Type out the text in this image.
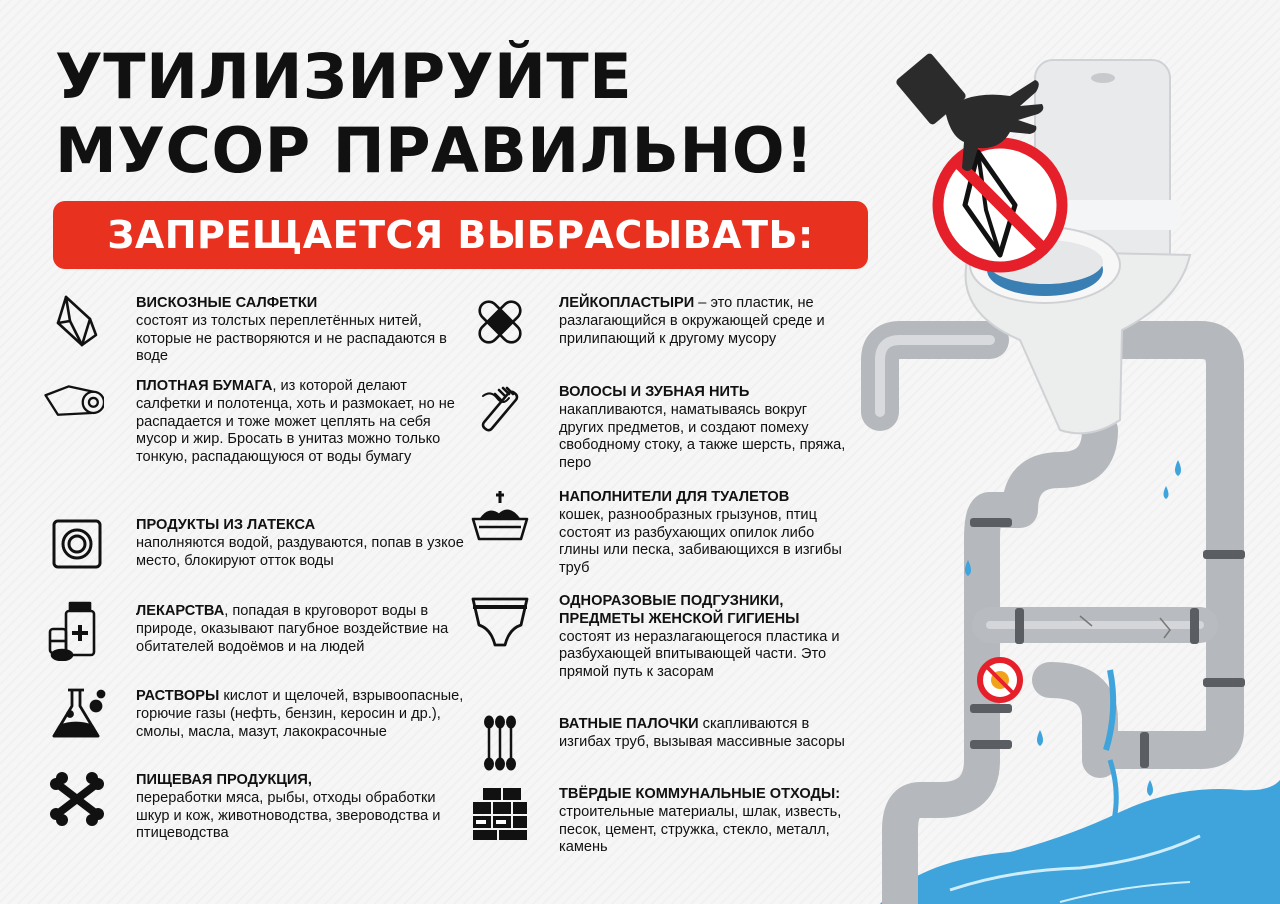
УТИЛИЗИРУЙТЕ
МУСОР ПРАВИЛЬНО!
ЗАПРЕЩАЕТСЯ ВЫБРАСЫВАТЬ:

ВИСКОЗНЫЕ САЛФЕТКИ
состоят из толстых переплетённых нитей, которые не растворяются и не распадаются в воде

ПЛОТНАЯ БУМАГА, из которой делают салфетки и полотенца, хоть и размокает, но не распадается и тоже может цеплять на себя мусор и жир. Бросать в унитаз можно только тонкую, распадающуюся от воды бумагу

ПРОДУКТЫ ИЗ ЛАТЕКСА
наполняются водой, раздуваются, попав в узкое место, блокируют отток воды

ЛЕКАРСТВА, попадая в круговорот воды в природе, оказывают пагубное воздействие на обитателей водоёмов и на людей

РАСТВОРЫ кислот и щелочей, взрывоопасные, горючие газы (нефть, бензин, керосин и др.), смолы, масла, мазут, лакокрасочные

ПИЩЕВАЯ ПРОДУКЦИЯ,
переработки мяса, рыбы, отходы обработки шкур и кож, животноводства, звероводства и птицеводства

ЛЕЙКОПЛАСТЫРИ – это пластик, не разлагающийся в окружающей среде и прилипающий к другому мусору

ВОЛОСЫ И ЗУБНАЯ НИТЬ
накапливаются, наматываясь вокруг других предметов, и создают помеху свободному стоку, а также шерсть, пряжа, перо

НАПОЛНИТЕЛИ ДЛЯ ТУАЛЕТОВ
кошек, разнообразных грызунов, птиц состоят из разбухающих опилок либо глины или песка, забивающихся в изгибы труб

ОДНОРАЗОВЫЕ ПОДГУЗНИКИ, ПРЕДМЕТЫ ЖЕНСКОЙ ГИГИЕНЫ
состоят из неразлагающегося пластика и разбухающей впитывающей части. Это прямой путь к засорам

ВАТНЫЕ ПАЛОЧКИ скапливаются в изгибах труб, вызывая массивные засоры

ТВЁРДЫЕ КОММУНАЛЬНЫЕ ОТХОДЫ: строительные материалы, шлак, известь, песок, цемент, стружка, стекло, металл, камень
